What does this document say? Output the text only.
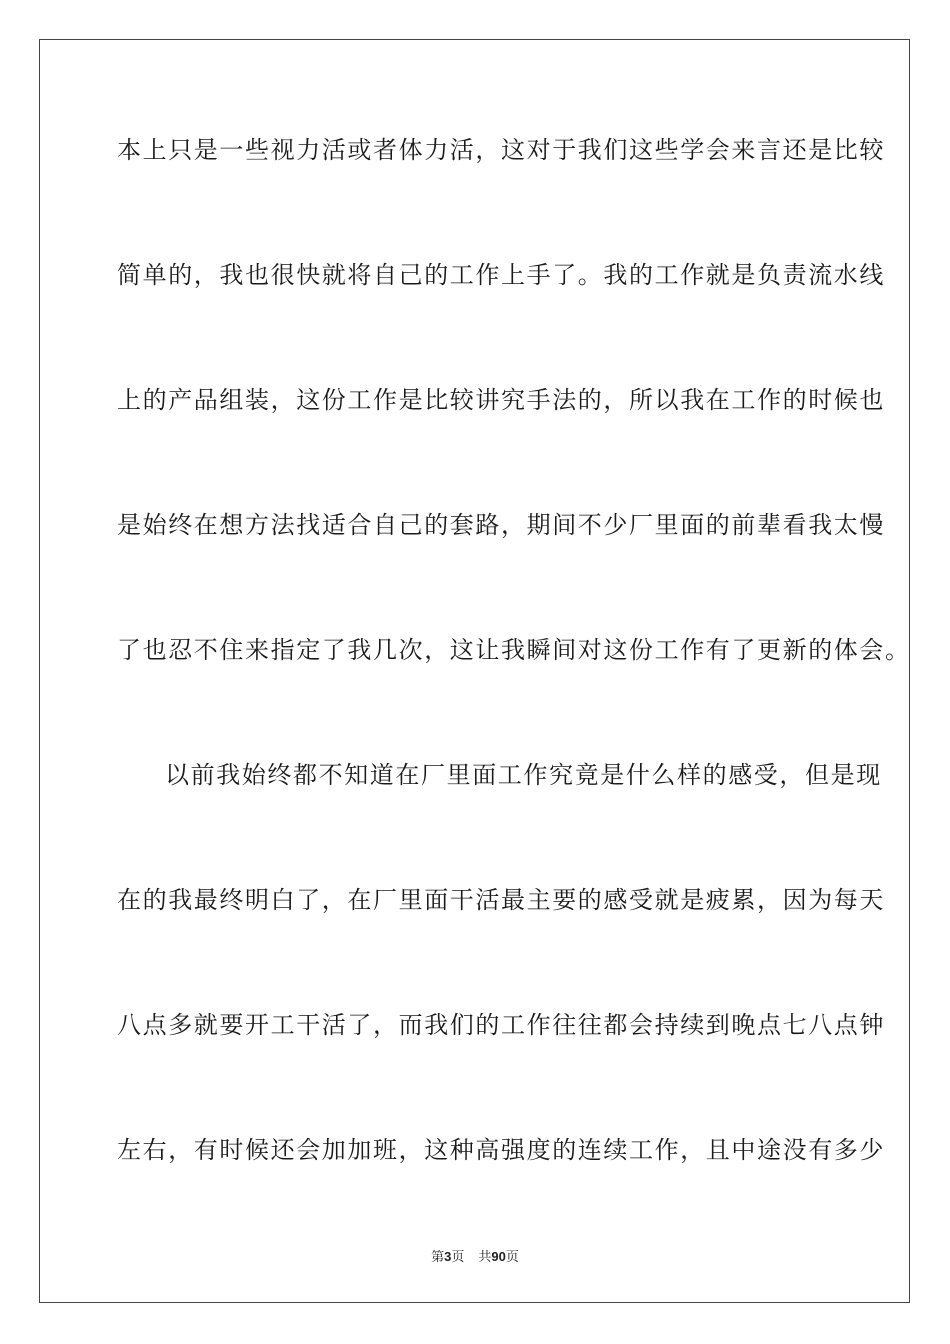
本上只是一些视力活或者体力活，这对于我们这些学会来言还是比较
简单的，我也很快就将自己的工作上手了。我的工作就是负责流水线
上的产品组装，这份工作是比较讲究手法的，所以我在工作的时候也
是始终在想方法找适合自己的套路，期间不少厂里面的前辈看我太慢
了也忍不住来指定了我几次，这让我瞬间对这份工作有了更新的体会。
以前我始终都不知道在厂里面工作究竟是什么样的感受，但是现
在的我最终明白了，在厂里面干活最主要的感受就是疲累，因为每天
八点多就要开工干活了，而我们的工作往往都会持续到晚点七八点钟
左右，有时候还会加加班，这种高强度的连续工作，且中途没有多少
第3页 共90页
